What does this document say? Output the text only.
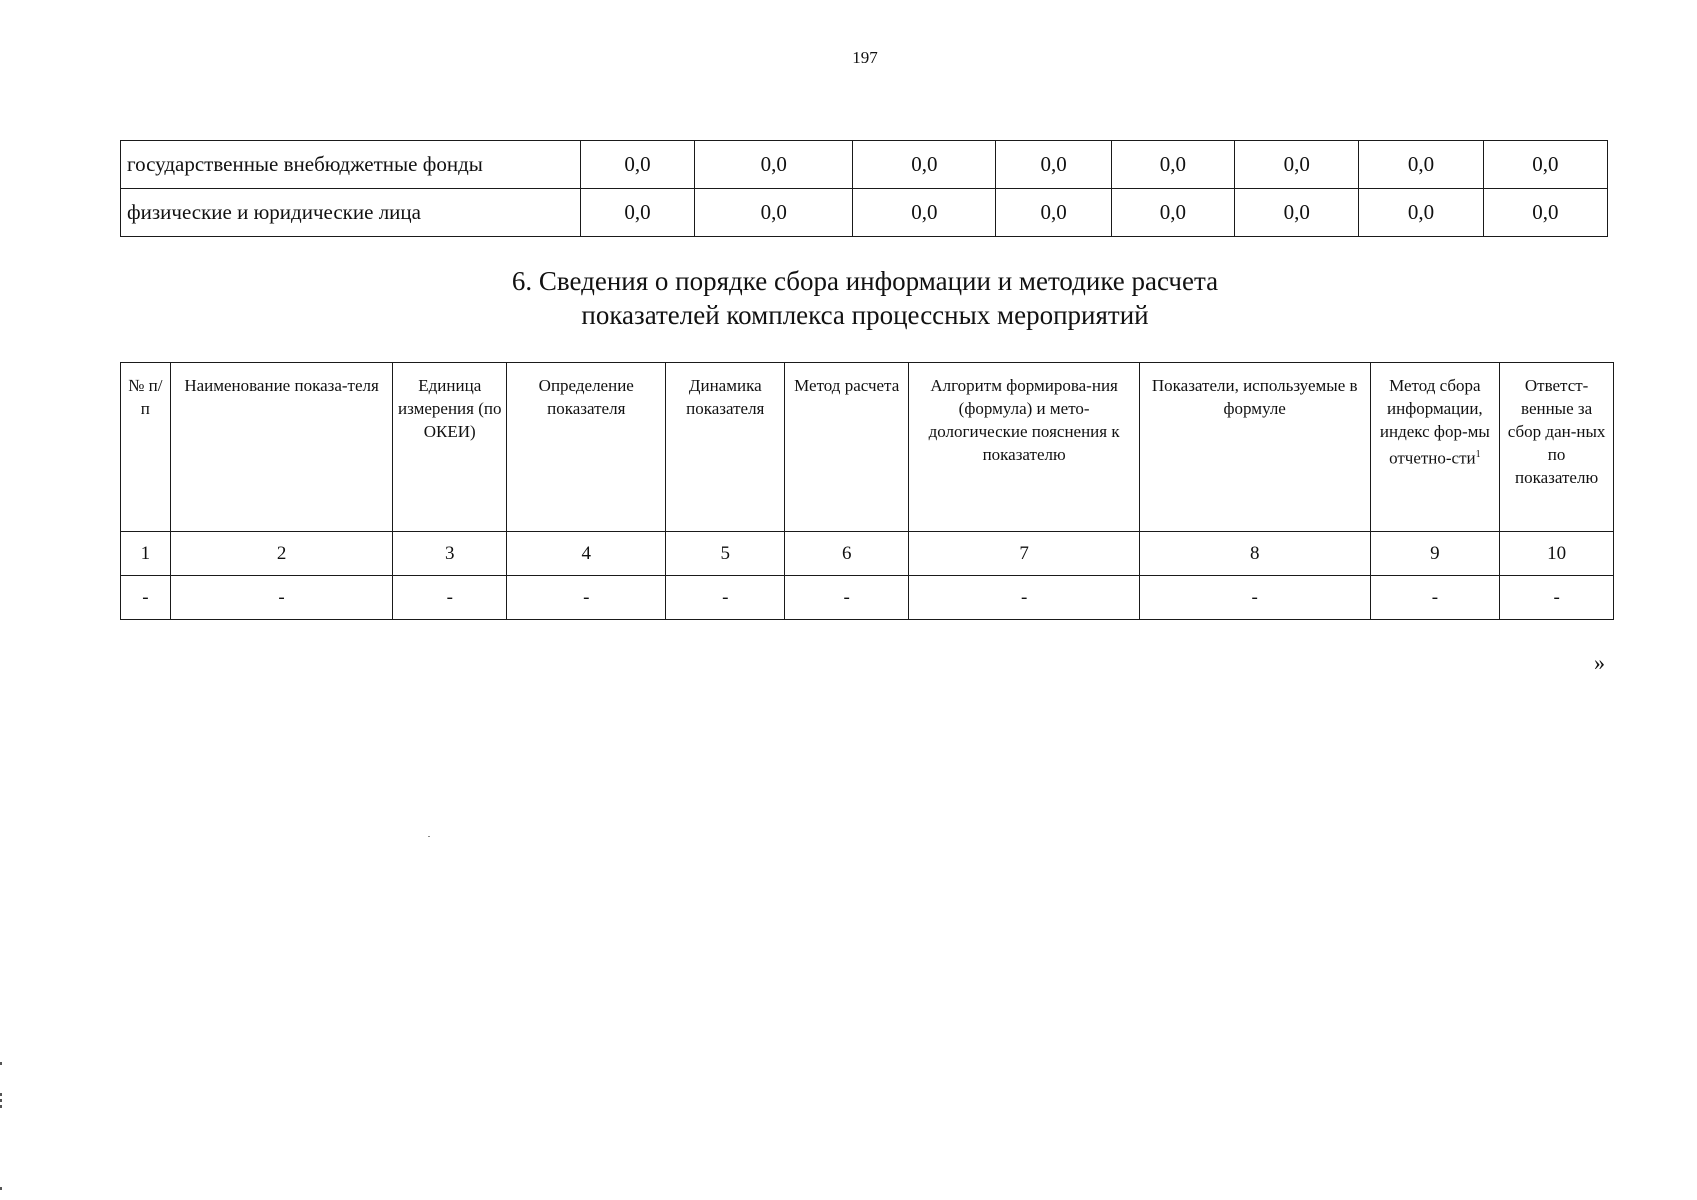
197
государственные внебюджетные фонды	0,0	0,0	0,0	0,0	0,0	0,0	0,0	0,0
физические и юридические лица	0,0	0,0	0,0	0,0	0,0	0,0	0,0	0,0
6. Сведения о порядке сбора информации и методике расчета
показателей комплекса процессных мероприятий
№ п/п	Наименование показа-теля	Единица измерения (по ОКЕИ)	Определение показателя	Динамика показателя	Метод расчета	Алгоритм формирова-ния (формула) и мето-дологические пояснения к показателю	Показатели, используемые в формуле	Метод сбора информации, индекс фор-мы отчетно-сти$^1$	Ответст-венные за сбор дан-ных по показателю
1	2	3	4	5	6	7	8	9	10
-	-	-	-	-	-	-	-	-	-
»
